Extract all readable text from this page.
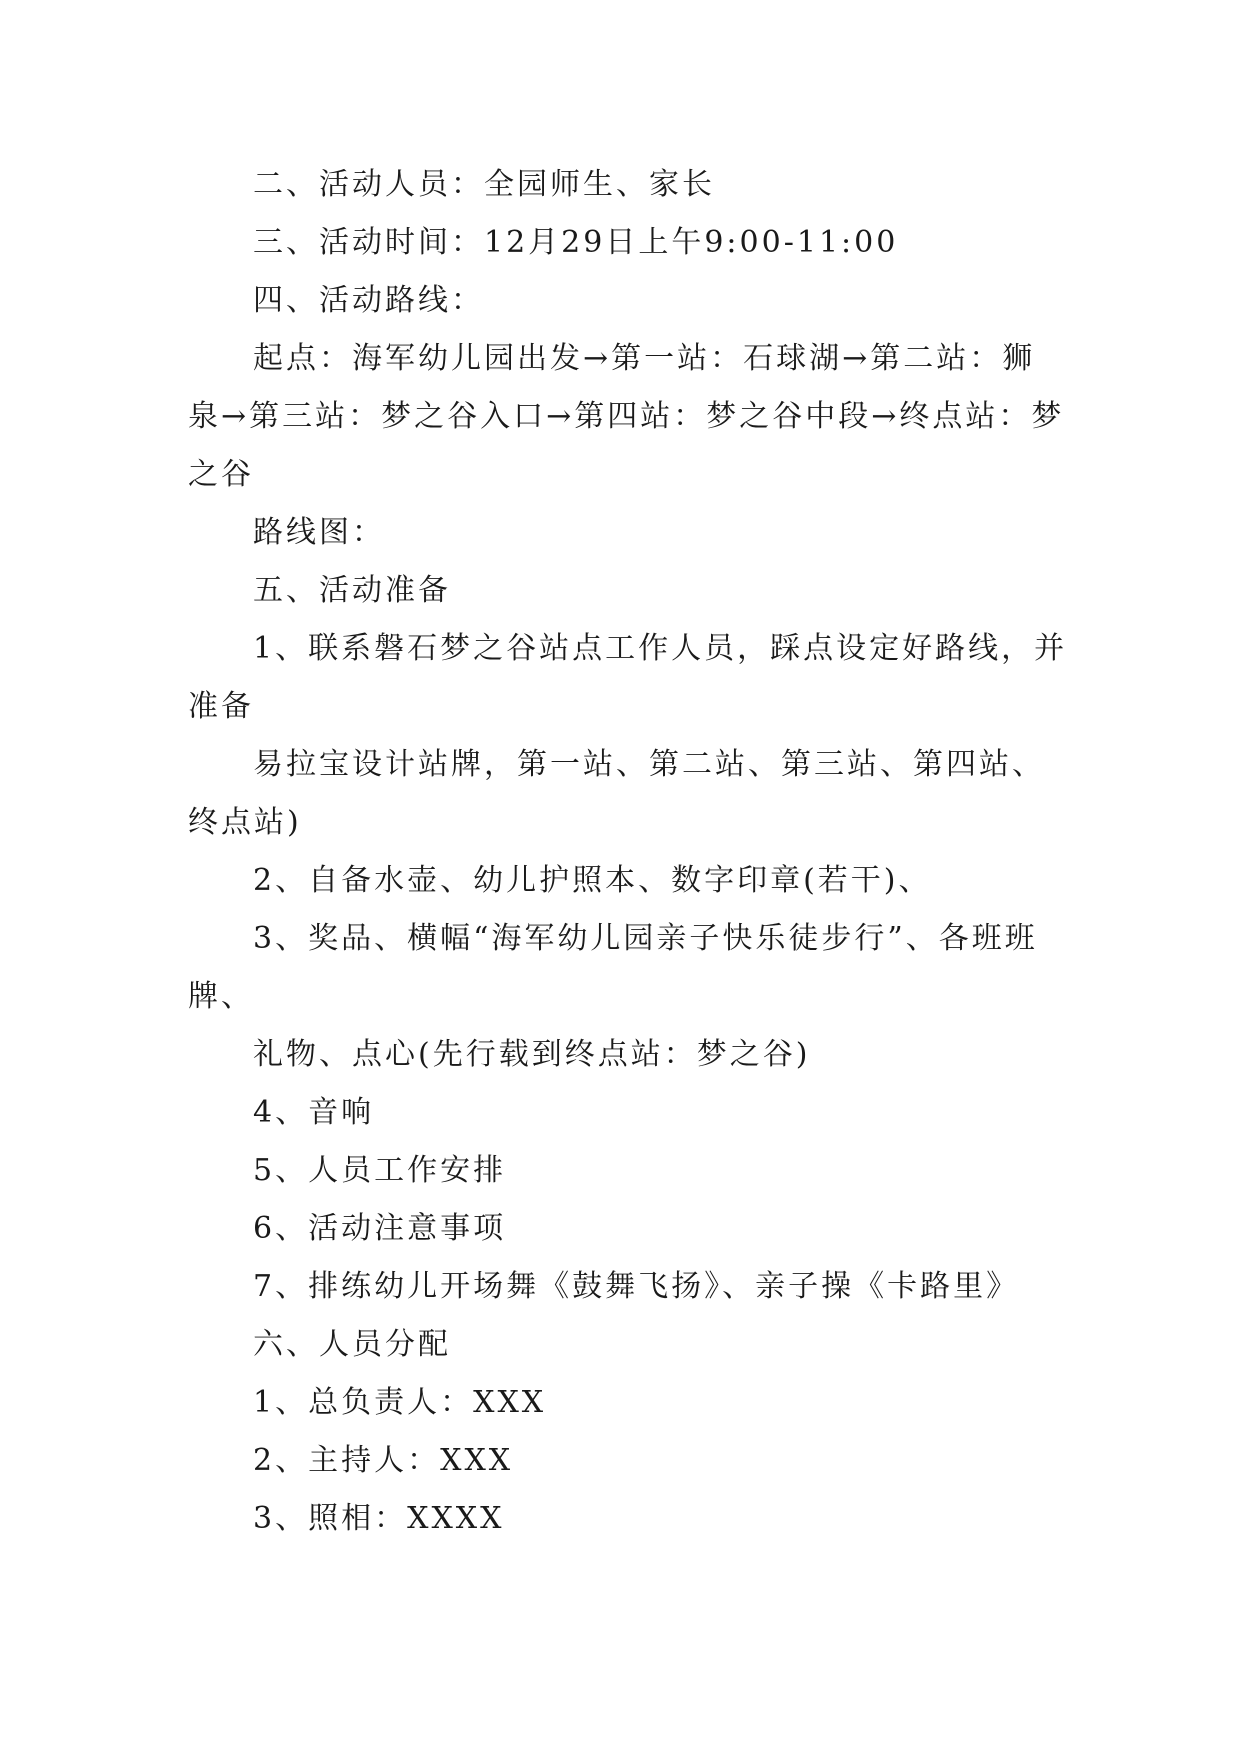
二、活动人员：全园师生、家长

三、活动时间：12月29日上午9:00-11:00

四、活动路线：

起点：海军幼儿园出发→第一站：石球湖→第二站：狮泉→第三站：梦之谷入口→第四站：梦之谷中段→终点站：梦之谷

路线图：

五、活动准备

1、联系磐石梦之谷站点工作人员，踩点设定好路线，并准备

易拉宝设计站牌，第一站、第二站、第三站、第四站、终点站)

2、自备水壶、幼儿护照本、数字印章(若干)、

3、奖品、横幅“海军幼儿园亲子快乐徒步行”、各班班牌、

礼物、点心(先行载到终点站：梦之谷)

4、音响

5、人员工作安排

6、活动注意事项

7、排练幼儿开场舞《鼓舞飞扬》、亲子操《卡路里》

六、人员分配

1、总负责人：XXX

2、主持人：XXX

3、照相：XXXX
